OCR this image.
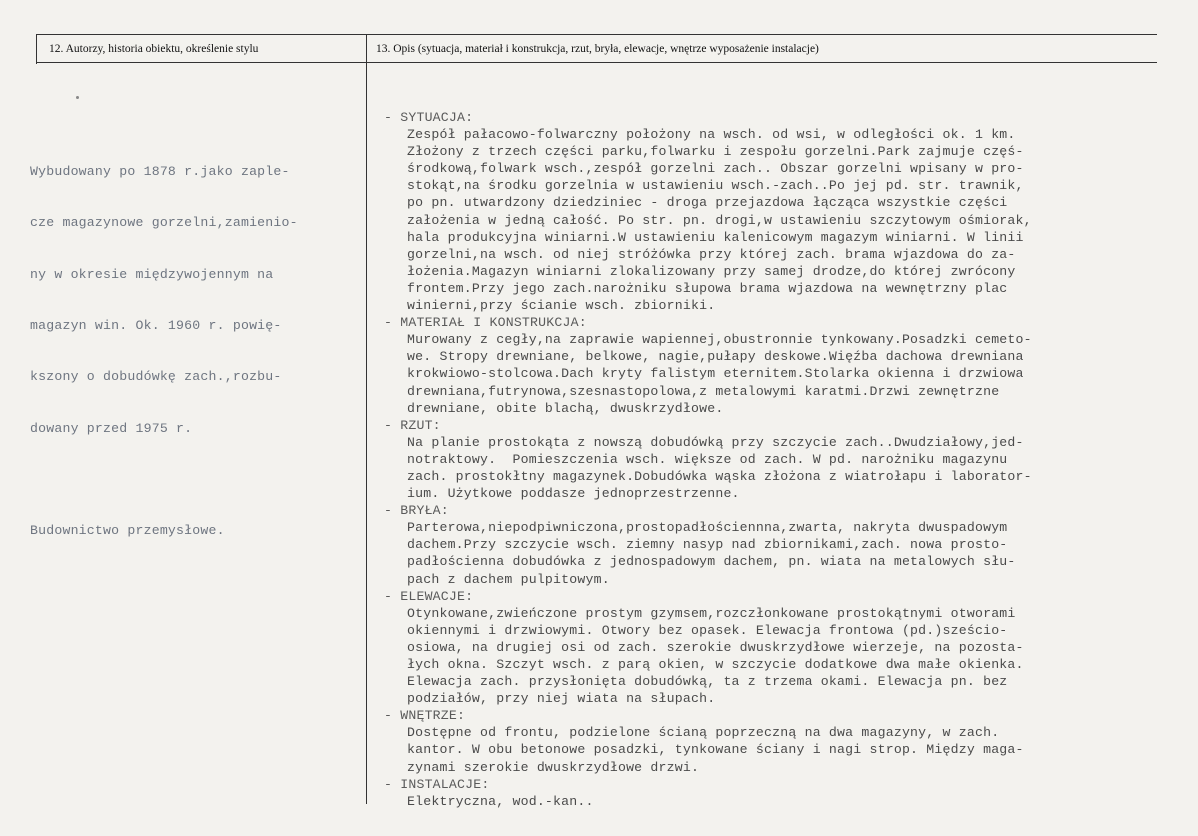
12. Autorzy, historia obiektu, określenie stylu	13. Opis (sytuacja, materiał i konstrukcja, rzut, bryła, elewacje, wnętrze wyposażenie instalacje)

Wybudowany po 1878 r.jako zaple-

cze magazynowe gorzelni,zamienio-

ny w okresie międzywojennym na

magazyn win. Ok. 1960 r. powię-

kszony o dobudówkę zach.,rozbu-

dowany przed 1975 r.

Budownictwo przemysłowe.

- SYTUACJA:
Zespół pałacowo-folwarczny położony na wsch. od wsi, w odległości ok. 1 km.
Złożony z trzech części parku,folwarku i zespołu gorzelni.Park zajmuje częś-
środkową,folwark wsch.,zespół gorzelni zach.. Obszar gorzelni wpisany w pro-
stokąt,na środku gorzelnia w ustawieniu wsch.-zach..Po jej pd. str. trawnik,
po pn. utwardzony dziedziniec - droga przejazdowa łącząca wszystkie części
założenia w jedną całość. Po str. pn. drogi,w ustawieniu szczytowym ośmiorak,
hala produkcyjna winiarni.W ustawieniu kalenicowym magazym winiarni. W linii
gorzelni,na wsch. od niej stróżówka przy której zach. brama wjazdowa do za-
łożenia.Magazyn winiarni zlokalizowany przy samej drodze,do której zwrócony
frontem.Przy jego zach.narożniku słupowa brama wjazdowa na wewnętrzny plac
winierni,przy ścianie wsch. zbiorniki.
- MATERIAŁ I KONSTRUKCJA:
Murowany z cegły,na zaprawie wapiennej,obustronnie tynkowany.Posadzki cemeto-
we. Stropy drewniane, belkowe, nagie,pułapy deskowe.Więźba dachowa drewniana
krokwiowo-stolcowa.Dach kryty falistym eternitem.Stolarka okienna i drzwiowa
drewniana,futrynowa,szesnastopolowa,z metalowymi karatmi.Drzwi zewnętrzne
drewniane, obite blachą, dwuskrzydłowe.
- RZUT:
Na planie prostokąta z nowszą dobudówką przy szczycie zach..Dwudziałowy,jed-
notraktowy.  Pomieszczenia wsch. większe od zach. W pd. narożniku magazynu
zach. prostokłtny magazynek.Dobudówka wąska złożona z wiatrołapu i laborator-
ium. Użytkowe poddasze jednoprzestrzenne.
- BRYŁA:
Parterowa,niepodpiwniczona,prostopadłościennna,zwarta, nakryta dwuspadowym
dachem.Przy szczycie wsch. ziemny nasyp nad zbiornikami,zach. nowa prosto-
padłościenna dobudówka z jednospadowym dachem, pn. wiata na metalowych słu-
pach z dachem pulpitowym.
- ELEWACJE:
Otynkowane,zwieńczone prostym gzymsem,rozczłonkowane prostokątnymi otworami
okiennymi i drzwiowymi. Otwory bez opasek. Elewacja frontowa (pd.)sześcio-
osiowa, na drugiej osi od zach. szerokie dwuskrzydłowe wierzeje, na pozosta-
łych okna. Szczyt wsch. z parą okien, w szczycie dodatkowe dwa małe okienka.
Elewacja zach. przysłonięta dobudówką, ta z trzema okami. Elewacja pn. bez
podziałów, przy niej wiata na słupach.
- WNĘTRZE:
Dostępne od frontu, podzielone ścianą poprzeczną na dwa magazyny, w zach.
kantor. W obu betonowe posadzki, tynkowane ściany i nagi strop. Między maga-
zynami szerokie dwuskrzydłowe drzwi.
- INSTALACJE:
Elektryczna, wod.-kan..
